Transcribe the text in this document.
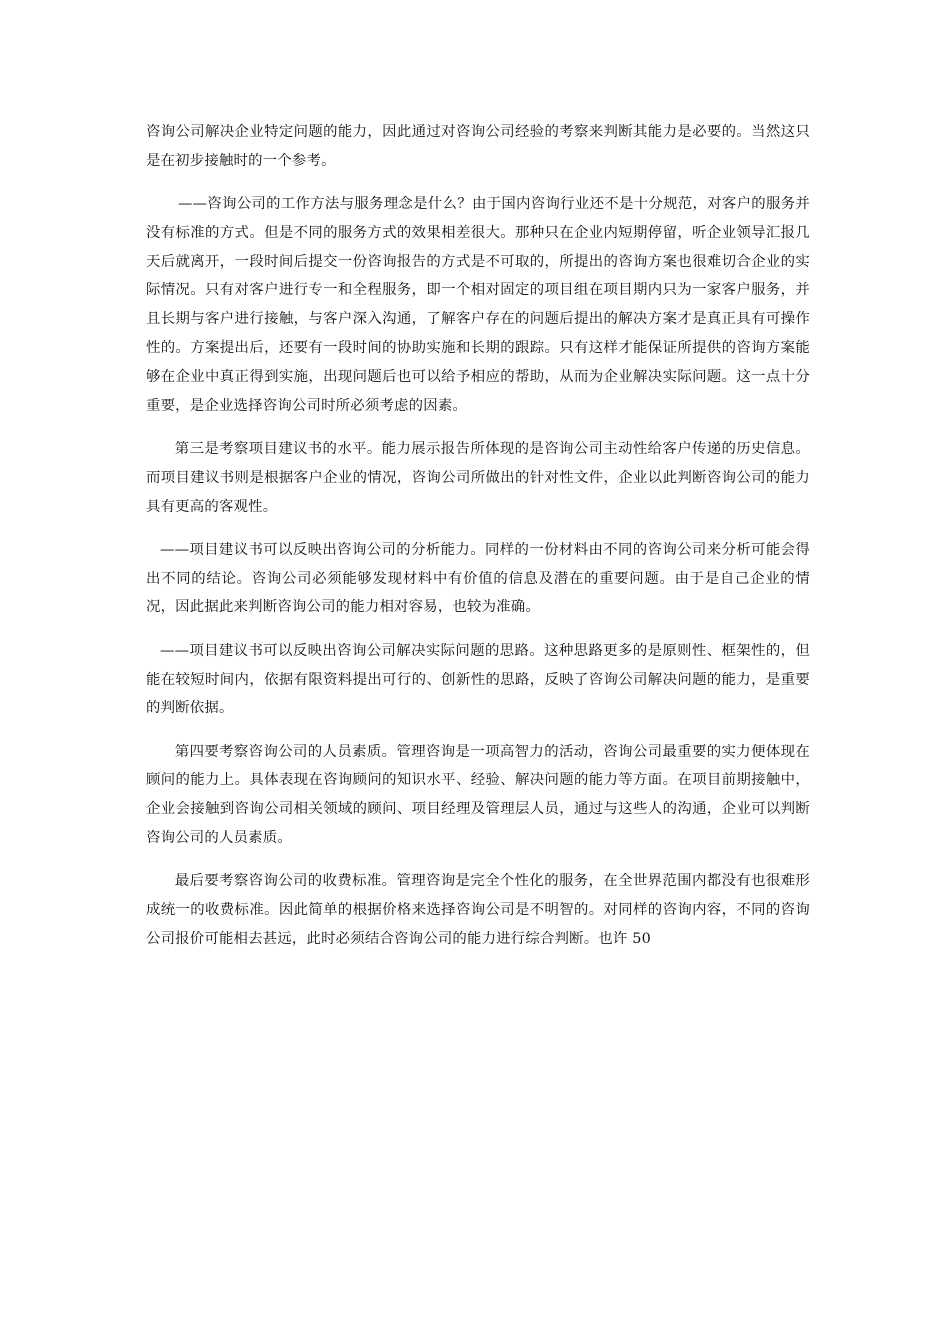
咨询公司解决企业特定问题的能力，因此通过对咨询公司经验的考察来判断其能力是必要的。当然这只是在初步接触时的一个参考。

——咨询公司的工作方法与服务理念是什么？由于国内咨询行业还不是十分规范，对客户的服务并没有标准的方式。但是不同的服务方式的效果相差很大。那种只在企业内短期停留，听企业领导汇报几天后就离开，一段时间后提交一份咨询报告的方式是不可取的，所提出的咨询方案也很难切合企业的实际情况。只有对客户进行专一和全程服务，即一个相对固定的项目组在项目期内只为一家客户服务，并且长期与客户进行接触，与客户深入沟通，了解客户存在的问题后提出的解决方案才是真正具有可操作性的。方案提出后，还要有一段时间的协助实施和长期的跟踪。只有这样才能保证所提供的咨询方案能够在企业中真正得到实施，出现问题后也可以给予相应的帮助，从而为企业解决实际问题。这一点十分重要，是企业选择咨询公司时所必须考虑的因素。

第三是考察项目建议书的水平。能力展示报告所体现的是咨询公司主动性给客户传递的历史信息。而项目建议书则是根据客户企业的情况，咨询公司所做出的针对性文件，企业以此判断咨询公司的能力具有更高的客观性。

——项目建议书可以反映出咨询公司的分析能力。同样的一份材料由不同的咨询公司来分析可能会得出不同的结论。咨询公司必须能够发现材料中有价值的信息及潜在的重要问题。由于是自己企业的情况，因此据此来判断咨询公司的能力相对容易，也较为准确。

——项目建议书可以反映出咨询公司解决实际问题的思路。这种思路更多的是原则性、框架性的，但能在较短时间内，依据有限资料提出可行的、创新性的思路，反映了咨询公司解决问题的能力，是重要的判断依据。

第四要考察咨询公司的人员素质。管理咨询是一项高智力的活动，咨询公司最重要的实力便体现在顾问的能力上。具体表现在咨询顾问的知识水平、经验、解决问题的能力等方面。在项目前期接触中，企业会接触到咨询公司相关领域的顾问、项目经理及管理层人员，通过与这些人的沟通，企业可以判断咨询公司的人员素质。

最后要考察咨询公司的收费标准。管理咨询是完全个性化的服务，在全世界范围内都没有也很难形成统一的收费标准。因此简单的根据价格来选择咨询公司是不明智的。对同样的咨询内容，不同的咨询公司报价可能相去甚远，此时必须结合咨询公司的能力进行综合判断。也许 50
